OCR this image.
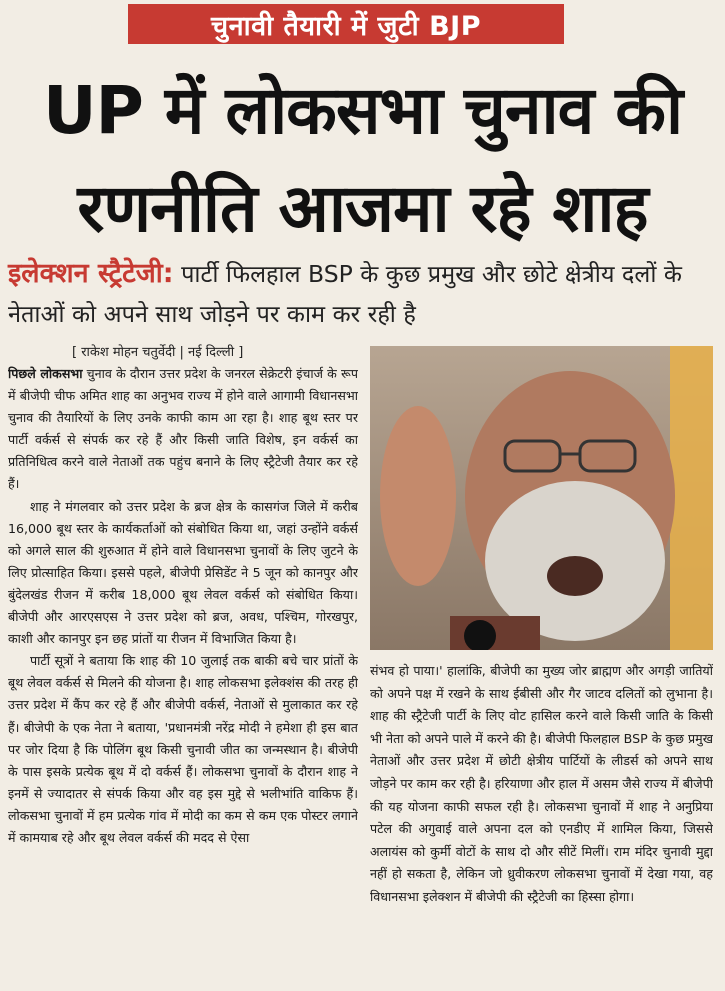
चुनावी तैयारी में जुटी BJP
UP में लोकसभा चुनाव की
रणनीति आजमा रहे शाह
इलेक्शन स्ट्रैटेजी: पार्टी फिलहाल BSP के कुछ प्रमुख और छोटे क्षेत्रीय दलों के नेताओं को अपने साथ जोड़ने पर काम कर रही है
[ राकेश मोहन चतुर्वेदी | नई दिल्ली ]

पिछले लोकसभा चुनाव के दौरान उत्तर प्रदेश के जनरल सेक्रेटरी इंचार्ज के रूप में बीजेपी चीफ अमित शाह का अनुभव राज्य में होने वाले आगामी विधानसभा चुनाव की तैयारियों के लिए उनके काफी काम आ रहा है। शाह बूथ स्तर पर पार्टी वर्कर्स से संपर्क कर रहे हैं और किसी जाति विशेष, इन वर्कर्स का प्रतिनिधित्व करने वाले नेताओं तक पहुंच बनाने के लिए स्ट्रैटेजी तैयार कर रहे हैं।

शाह ने मंगलवार को उत्तर प्रदेश के ब्रज क्षेत्र के कासगंज जिले में करीब 16,000 बूथ स्तर के कार्यकर्ताओं को संबोधित किया था, जहां उन्होंने वर्कर्स को अगले साल की शुरुआत में होने वाले विधानसभा चुनावों के लिए जुटने के लिए प्रोत्साहित किया। इससे पहले, बीजेपी प्रेसिडेंट ने 5 जून को कानपुर और बुंदेलखंड रीजन में करीब 18,000 बूथ लेवल वर्कर्स को संबोधित किया। बीजेपी और आरएसएस ने उत्तर प्रदेश को ब्रज, अवध, पश्चिम, गोरखपुर, काशी और कानपुर इन छह प्रांतों या रीजन में विभाजित किया है।

पार्टी सूत्रों ने बताया कि शाह की 10 जुलाई तक बाकी बचे चार प्रांतों के बूथ लेवल वर्कर्स से मिलने की योजना है। शाह लोकसभा इलेक्शंस की तरह ही उत्तर प्रदेश में कैंप कर रहे हैं और बीजेपी वर्कर्स, नेताओं से मुलाकात कर रहे हैं। बीजेपी के एक नेता ने बताया, 'प्रधानमंत्री नरेंद्र मोदी ने हमेशा ही इस बात पर जोर दिया है कि पोलिंग बूथ किसी चुनावी जीत का जन्मस्थान है। बीजेपी के पास इसके प्रत्येक बूथ में दो वर्कर्स हैं। लोकसभा चुनावों के दौरान शाह ने इनमें से ज्यादातर से संपर्क किया और वह इस मुद्दे से भलीभांति वाकिफ हैं। लोकसभा चुनावों में हम प्रत्येक गांव में मोदी का कम से कम एक पोस्टर लगाने में कामयाब रहे और बूथ लेवल वर्कर्स की मदद से ऐसा

संभव हो पाया।' हालांकि, बीजेपी का मुख्य जोर ब्राह्मण और अगड़ी जातियों को अपने पक्ष में रखने के साथ ईबीसी और गैर जाटव दलितों को लुभाना है। शाह की स्ट्रैटेजी पार्टी के लिए वोट हासिल करने वाले किसी जाति के किसी भी नेता को अपने पाले में करने की है। बीजेपी फिलहाल BSP के कुछ प्रमुख नेताओं और उत्तर प्रदेश में छोटी क्षेत्रीय पार्टियों के लीडर्स को अपने साथ जोड़ने पर काम कर रही है। हरियाणा और हाल में असम जैसे राज्य में बीजेपी की यह योजना काफी सफल रही है। लोकसभा चुनावों में शाह ने अनुप्रिया पटेल की अगुवाई वाले अपना दल को एनडीए में शामिल किया, जिससे अलायंस को कुर्मी वोटों के साथ दो और सीटें मिलीं। राम मंदिर चुनावी मुद्दा नहीं हो सकता है, लेकिन जो ध्रुवीकरण लोकसभा चुनावों में देखा गया, वह विधानसभा इलेक्शन में बीजेपी की स्ट्रैटेजी का हिस्सा होगा।
